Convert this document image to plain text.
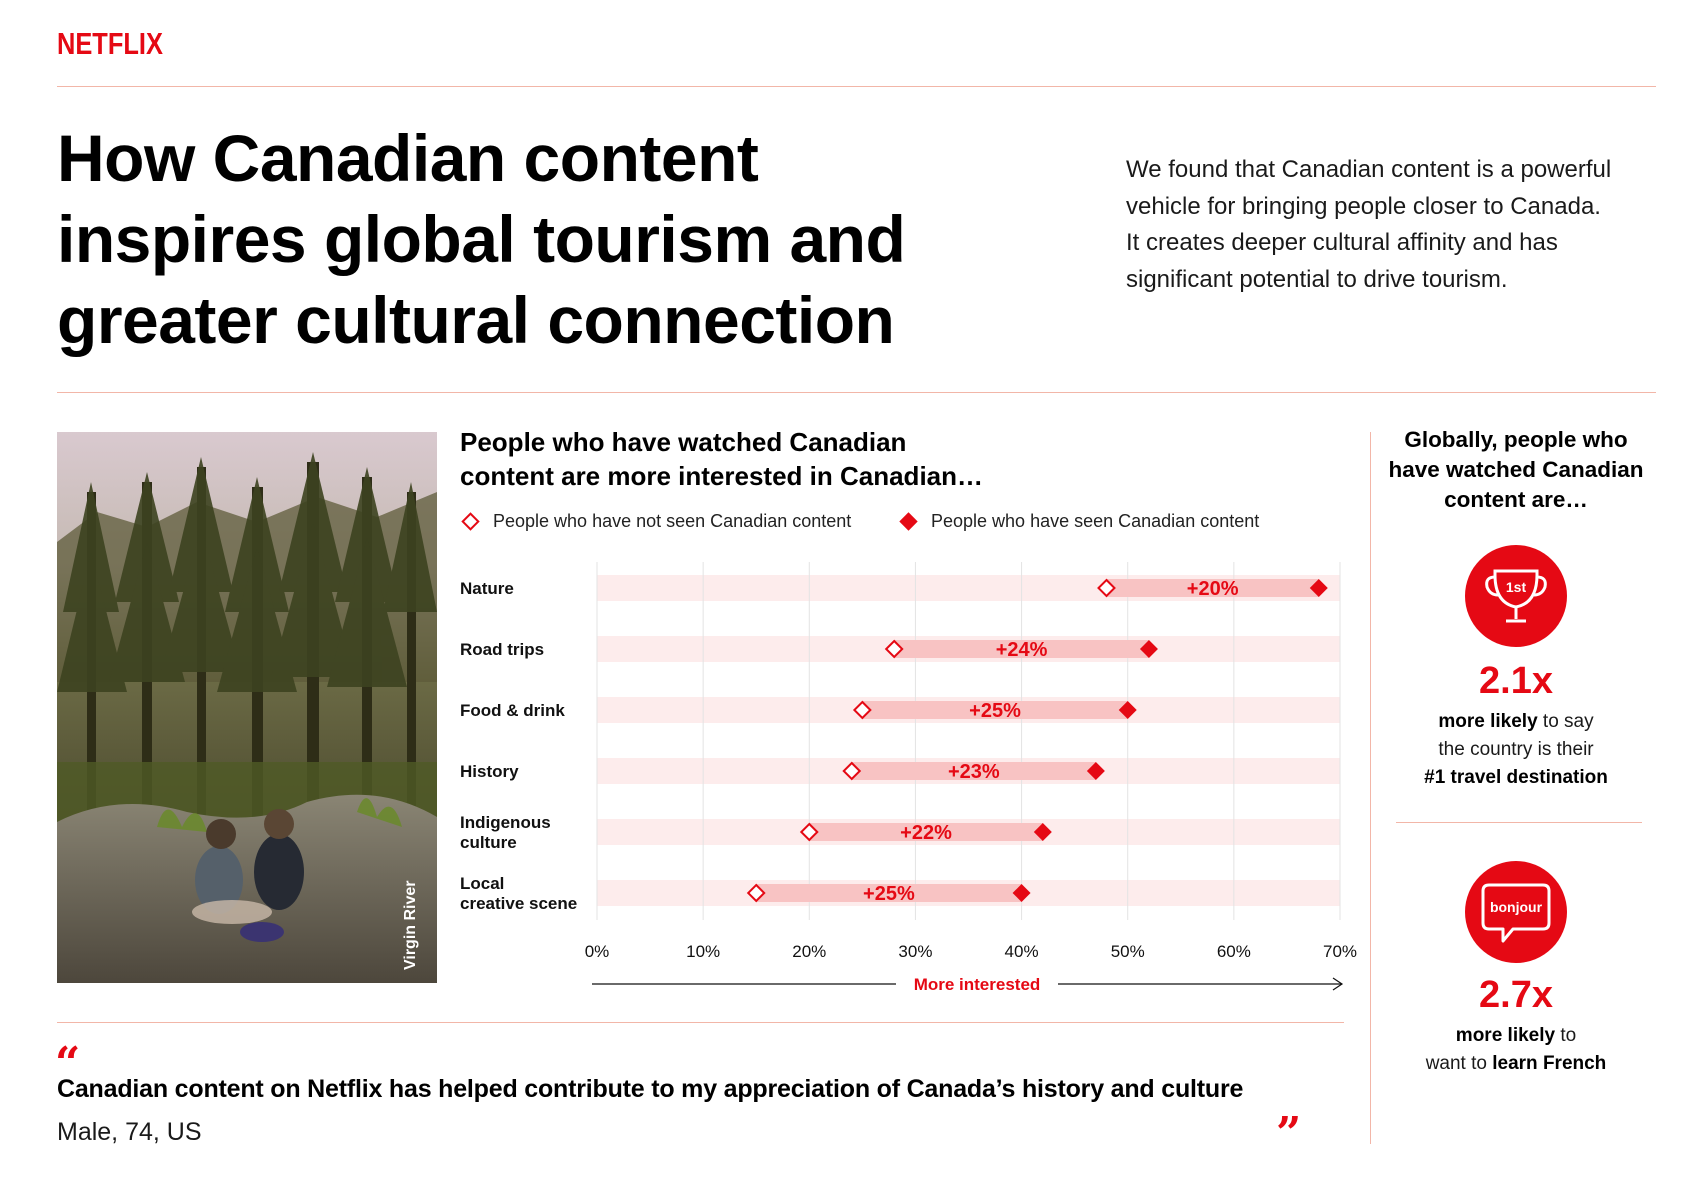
NETFLIX
How Canadian content
inspires global tourism and
greater cultural connection

We found that Canadian content is a powerful
vehicle for bringing people closer to Canada.
It creates deeper cultural affinity and has
significant potential to drive tourism.

Virgin River
People who have watched Canadian
content are more interested in Canadian…
People who have not seen Canadian content	People who have seen Canadian content
0%	10%	20%	30%	40%	50%	60%	70%
+20%
Nature
+24%
Road trips
+25%
Food & drink
+23%
History
+22%
Indigenous culture
+25%
Local creative scene
More interested
“
Canadian content on Netflix has helped contribute to my appreciation of Canada’s history and culture
Male, 74, US	”
Globally, people who
have watched Canadian
content are…
1st
2.1x
more likely to say
the country is their
#1 travel destination
bonjour
2.7x
more likely to
want to learn French
